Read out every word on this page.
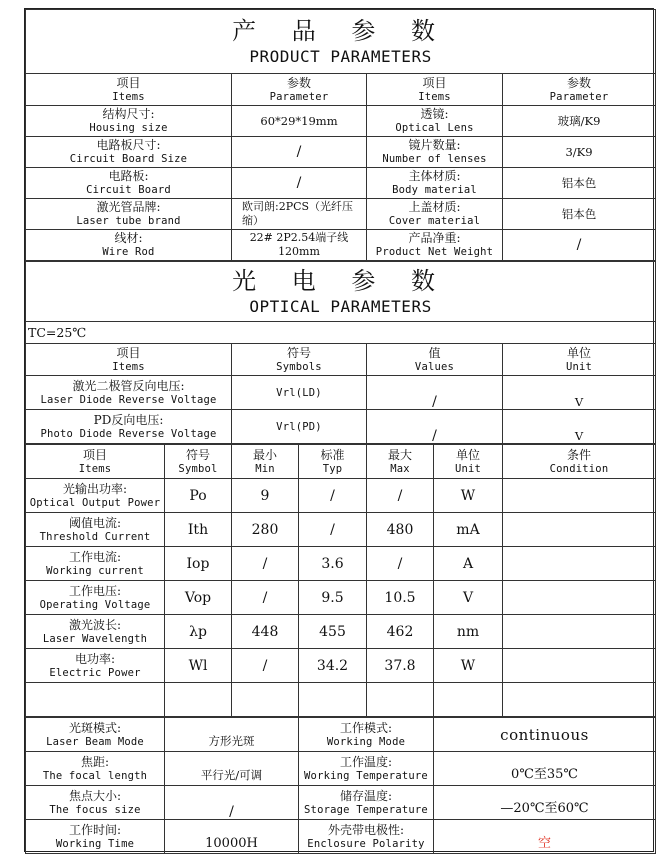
产 品 参 数
PRODUCT PARAMETERS			

项目
Items	参数
Parameter	项目
Items	参数
Parameter

结构尺寸:
Housing size	60*29*19mm	透镜:
Optical Lens	玻璃/K9

电路板尺寸:
Circuit Board Size	/	镜片数量:
Number of lenses	3/K9

电路板:
Circuit Board	/	主体材质:
Body material	铝本色

激光管品牌:
Laser tube brand	欧司朗:2PCS（光纤压缩）	上盖材质:
Cover material	铝本色

线材:
Wire Rod	22# 2P2.54端子线 120mm	产品净重:
Product Net Weight	/
光 电 参 数
OPTICAL PARAMETERS			

TC=25℃			

项目
Items	符号
Symbols	值
Values	单位
Unit

激光二极管反向电压:
Laser Diode Reverse Voltage	Vrl(LD)	/	V

PD反向电压:
Photo Diode Reverse Voltage	Vrl(PD)	/	V
项目
Items	符号
Symbol	最小
Min	标准
Typ	最大
Max	单位
Unit	条件
Condition

光输出功率:
Optical Output Power	Po	9	/	/	W	

阈值电流:
Threshold Current	Ith	280	/	480	mA	

工作电流:
Working current	Iop	/	3.6	/	A	

工作电压:
Operating Voltage	Vop	/	9.5	10.5	V	

激光波长:
Laser Wavelength	λp	448	455	462	nm	

电功率:
Electric Power	Wl	/	34.2	37.8	W	

光斑模式:
Laser Beam Mode	方形光斑	工作模式:
Working Mode	continuous

焦距:
The focal length	平行光/可调	工作温度:
Working Temperature	0℃至35℃

焦点大小:
The focus size	/	储存温度:
Storage Temperature	—20℃至60℃

工作时间:
Working Time	10000H	外壳带电极性:
Enclosure Polarity	空
